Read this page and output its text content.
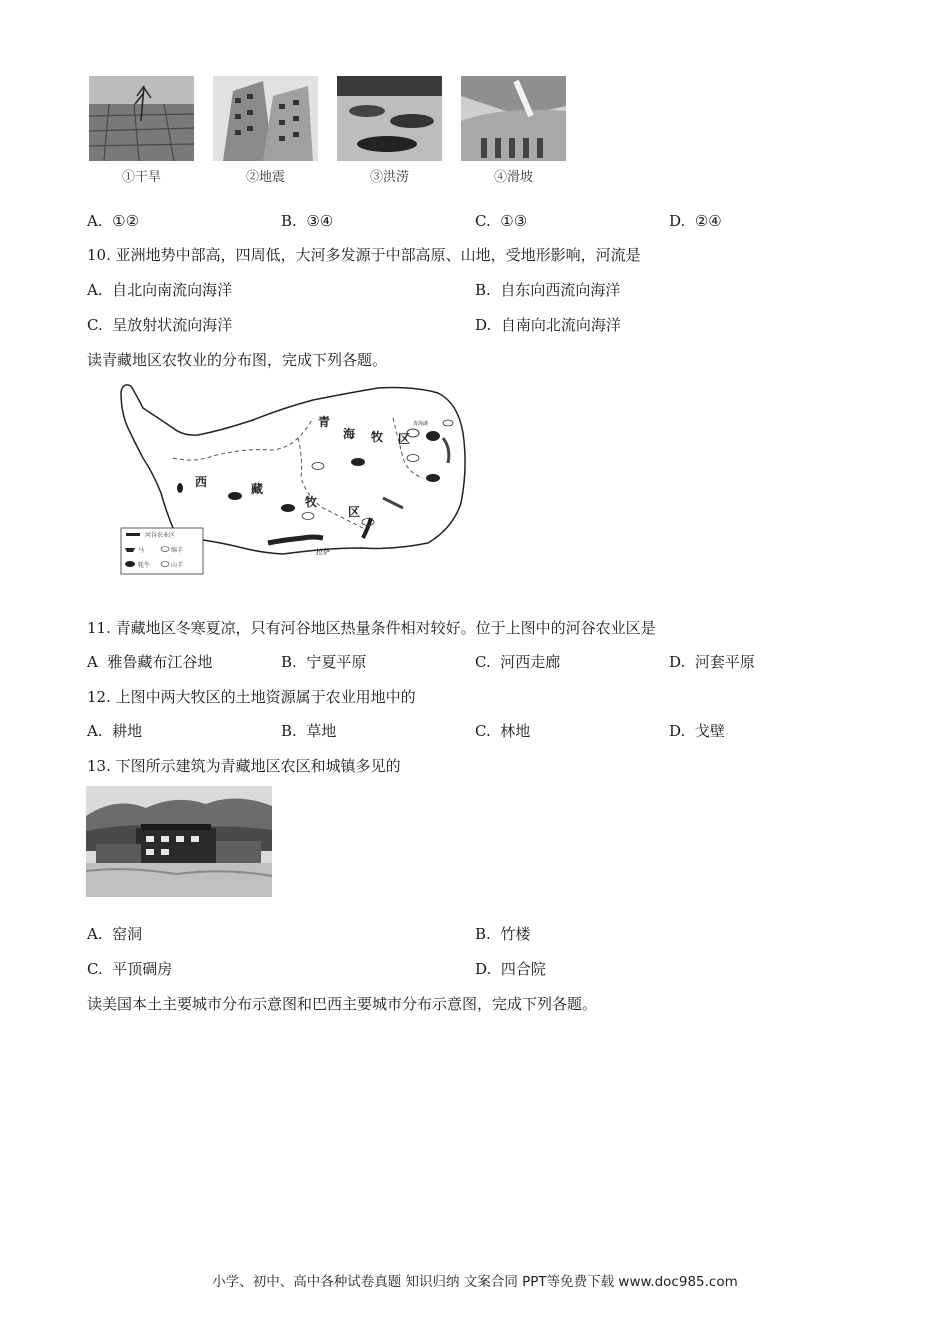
①干旱	②地震	③洪涝	④滑坡
A. ①②	B. ③④	C. ①③	D. ②④
10. 亚洲地势中部高，四周低，大河多发源于中部高原、山地，受地形影响，河流是
A. 自北向南流向海洋	B. 自东向西流向海洋
C. 呈放射状流向海洋	D. 自南向北流向海洋
读青藏地区农牧业的分布图，完成下列各题。
青
海 牧 区
西	藏
牧
区
拉萨
青海湖
河谷农业区
马	绵羊
牦牛	山羊
11. 青藏地区冬寒夏凉，只有河谷地区热量条件相对较好。位于上图中的河谷农业区是
A 雅鲁藏布江谷地	B. 宁夏平原	C. 河西走廊	D. 河套平原
12. 上图中两大牧区的土地资源属于农业用地中的
A. 耕地	B. 草地	C. 林地	D. 戈壁
13. 下图所示建筑为青藏地区农区和城镇多见的
A. 窑洞	B. 竹楼
C. 平顶碉房	D. 四合院
读美国本土主要城市分布示意图和巴西主要城市分布示意图，完成下列各题。
小学、初中、高中各种试卷真题 知识归纳 文案合同 PPT等免费下载 www.doc985.com
